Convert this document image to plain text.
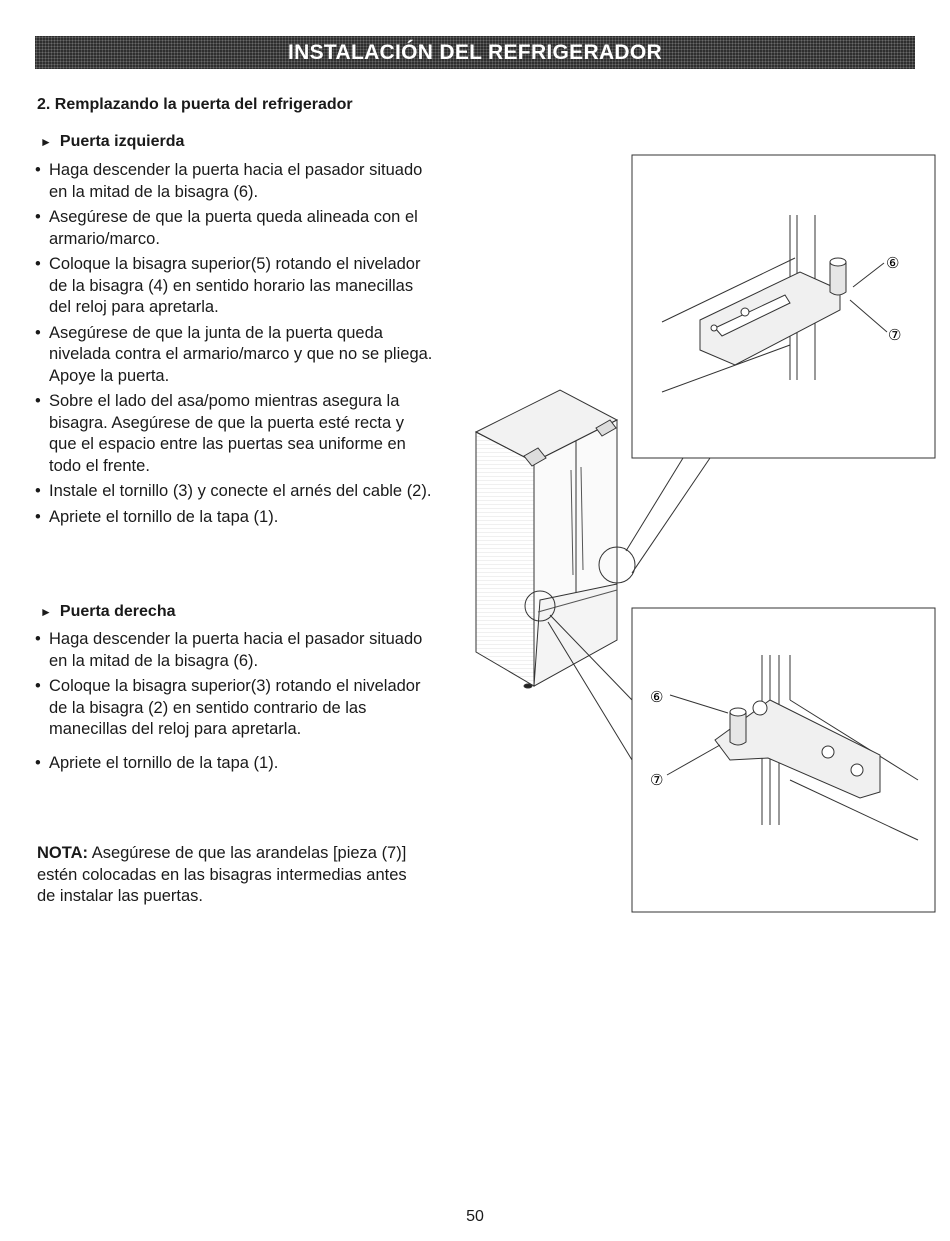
INSTALACIÓN DEL REFRIGERADOR
2. Remplazando la puerta del refrigerador
► Puerta izquierda
• Haga descender la puerta hacia el pasador situado en la mitad de la bisagra (6).
• Asegúrese de que la puerta queda alineada con el armario/marco.
• Coloque la bisagra superior(5) rotando el nivelador de la bisagra (4) en sentido horario las manecillas del reloj para apretarla.
• Asegúrese de que la junta de la puerta queda nivelada contra el armario/marco y que no se pliega. Apoye la puerta.
• Sobre el lado del asa/pomo mientras asegura la bisagra. Asegúrese de que la puerta esté recta y que el espacio entre las puertas sea uniforme en todo el frente.
• Instale el tornillo (3) y conecte el arnés del cable (2).
• Apriete el tornillo de la tapa (1).
► Puerta derecha
• Haga descender la puerta hacia el pasador situado en la mitad de la bisagra (6).
• Coloque la bisagra superior(3) rotando el nivelador de la bisagra (2) en sentido contrario de las manecillas del reloj para apretarla.
• Apriete el tornillo de la tapa (1).

NOTA: Asegúrese de que las arandelas [pieza (7)] estén colocadas en las bisagras intermedias antes de instalar las puertas.

⑥
⑦
⑥
⑦
50
